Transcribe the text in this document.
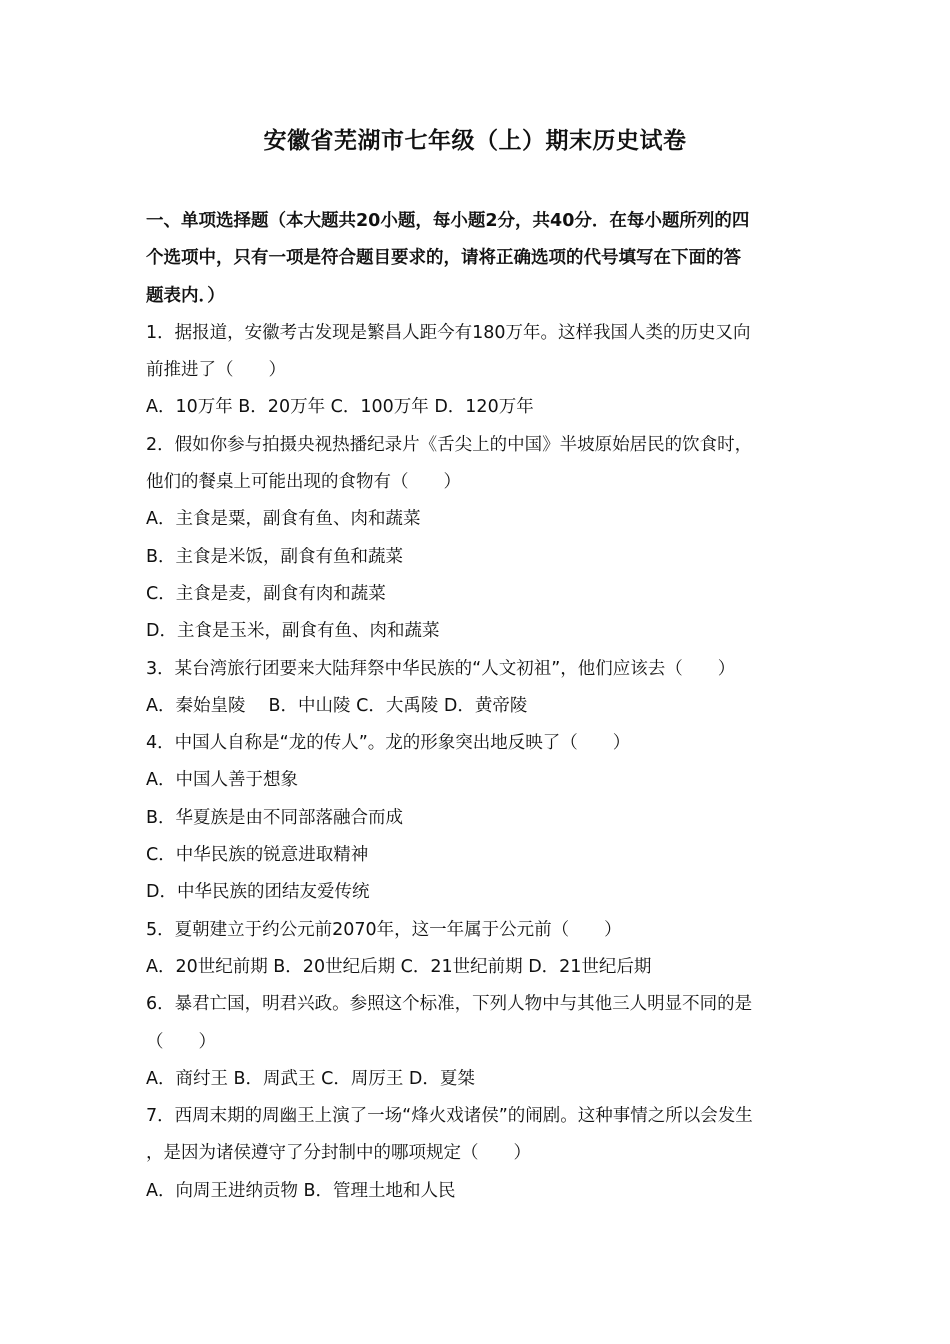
安徽省芜湖市七年级（上）期末历史试卷
一、单项选择题（本大题共20小题，每小题2分，共40分．在每小题所列的四
个选项中，只有一项是符合题目要求的，请将正确选项的代号填写在下面的答
题表内．）
1．据报道，安徽考古发现是繁昌人距今有180万年。这样我国人类的历史又向
前推进了（　　）
A．10万年 B．20万年 C．100万年 D．120万年
2．假如你参与拍摄央视热播纪录片《舌尖上的中国》半坡原始居民的饮食时，
他们的餐桌上可能出现的食物有（　　）
A．主食是粟，副食有鱼、肉和蔬菜
B．主食是米饭，副食有鱼和蔬菜
C．主食是麦，副食有肉和蔬菜
D．主食是玉米，副食有鱼、肉和蔬菜
3．某台湾旅行团要来大陆拜祭中华民族的“人文初祖”，他们应该去（　　）
A．秦始皇陵　 B．中山陵 C．大禹陵 D．黄帝陵
4．中国人自称是“龙的传人”。龙的形象突出地反映了（　　）
A．中国人善于想象
B．华夏族是由不同部落融合而成
C．中华民族的锐意进取精神
D．中华民族的团结友爱传统
5．夏朝建立于约公元前2070年，这一年属于公元前（　　）
A．20世纪前期 B．20世纪后期 C．21世纪前期 D．21世纪后期
6．暴君亡国，明君兴政。参照这个标准，下列人物中与其他三人明显不同的是
（　　）
A．商纣王 B．周武王 C．周厉王 D．夏桀
7．西周末期的周幽王上演了一场“烽火戏诸侯”的闹剧。这种事情之所以会发生
，是因为诸侯遵守了分封制中的哪项规定（　　）
A．向周王进纳贡物 B．管理土地和人民
